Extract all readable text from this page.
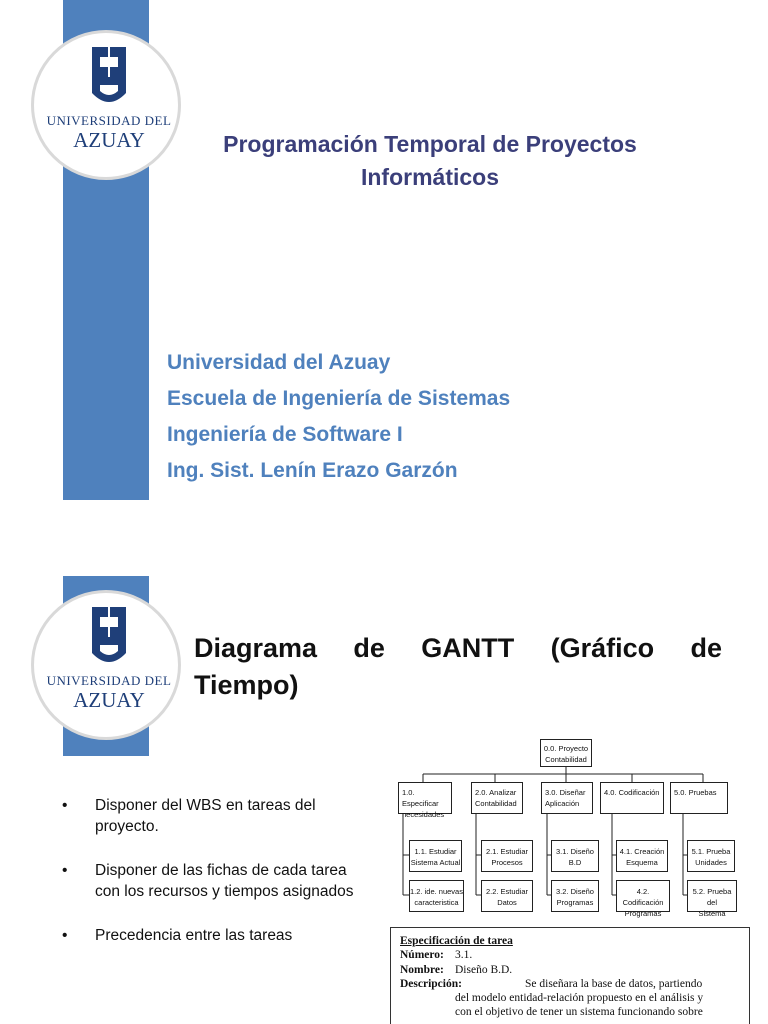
UNIVERSIDAD DEL
AZUAY	Programación Temporal de Proyectos
Informáticos
Universidad del Azuay
Escuela de Ingeniería de Sistemas
Ingeniería de Software I
Ing. Sist. Lenín Erazo Garzón
UNIVERSIDAD DEL
AZUAY
Diagrama de GANTT (Gráfico de
Tiempo)
• Disponer del WBS en tareas del proyecto.
• Disponer de las fichas de cada tarea con los recursos y tiempos asignados
• Precedencia entre las tareas
0.0. Proyecto
Contabilidad
1.0. Especificar
necesidades
2.0. Analizar
Contabilidad
3.0. Diseñar
Aplicación
4.0. Codificación	5.0. Pruebas
1.1. Estudiar
Sistema Actual
2.1. Estudiar
Procesos
3.1. Diseño
B.D
4.1. Creación
Esquema
5.1. Prueba
Unidades
1.2. ide. nuevas
caracteristica
2.2. Estudiar
Datos
3.2. Diseño
Programas
4.2. Codificación
Programas
5.2. Prueba del
Sistema
Especificación de tarea
Número: 3.1.
Nombre: Diseño B.D.
Descripción:	Se diseñara la base de datos, partiendo
del modelo entidad-relación propuesto en el análisis y
con el objetivo de tener un sistema funcionando sobre
